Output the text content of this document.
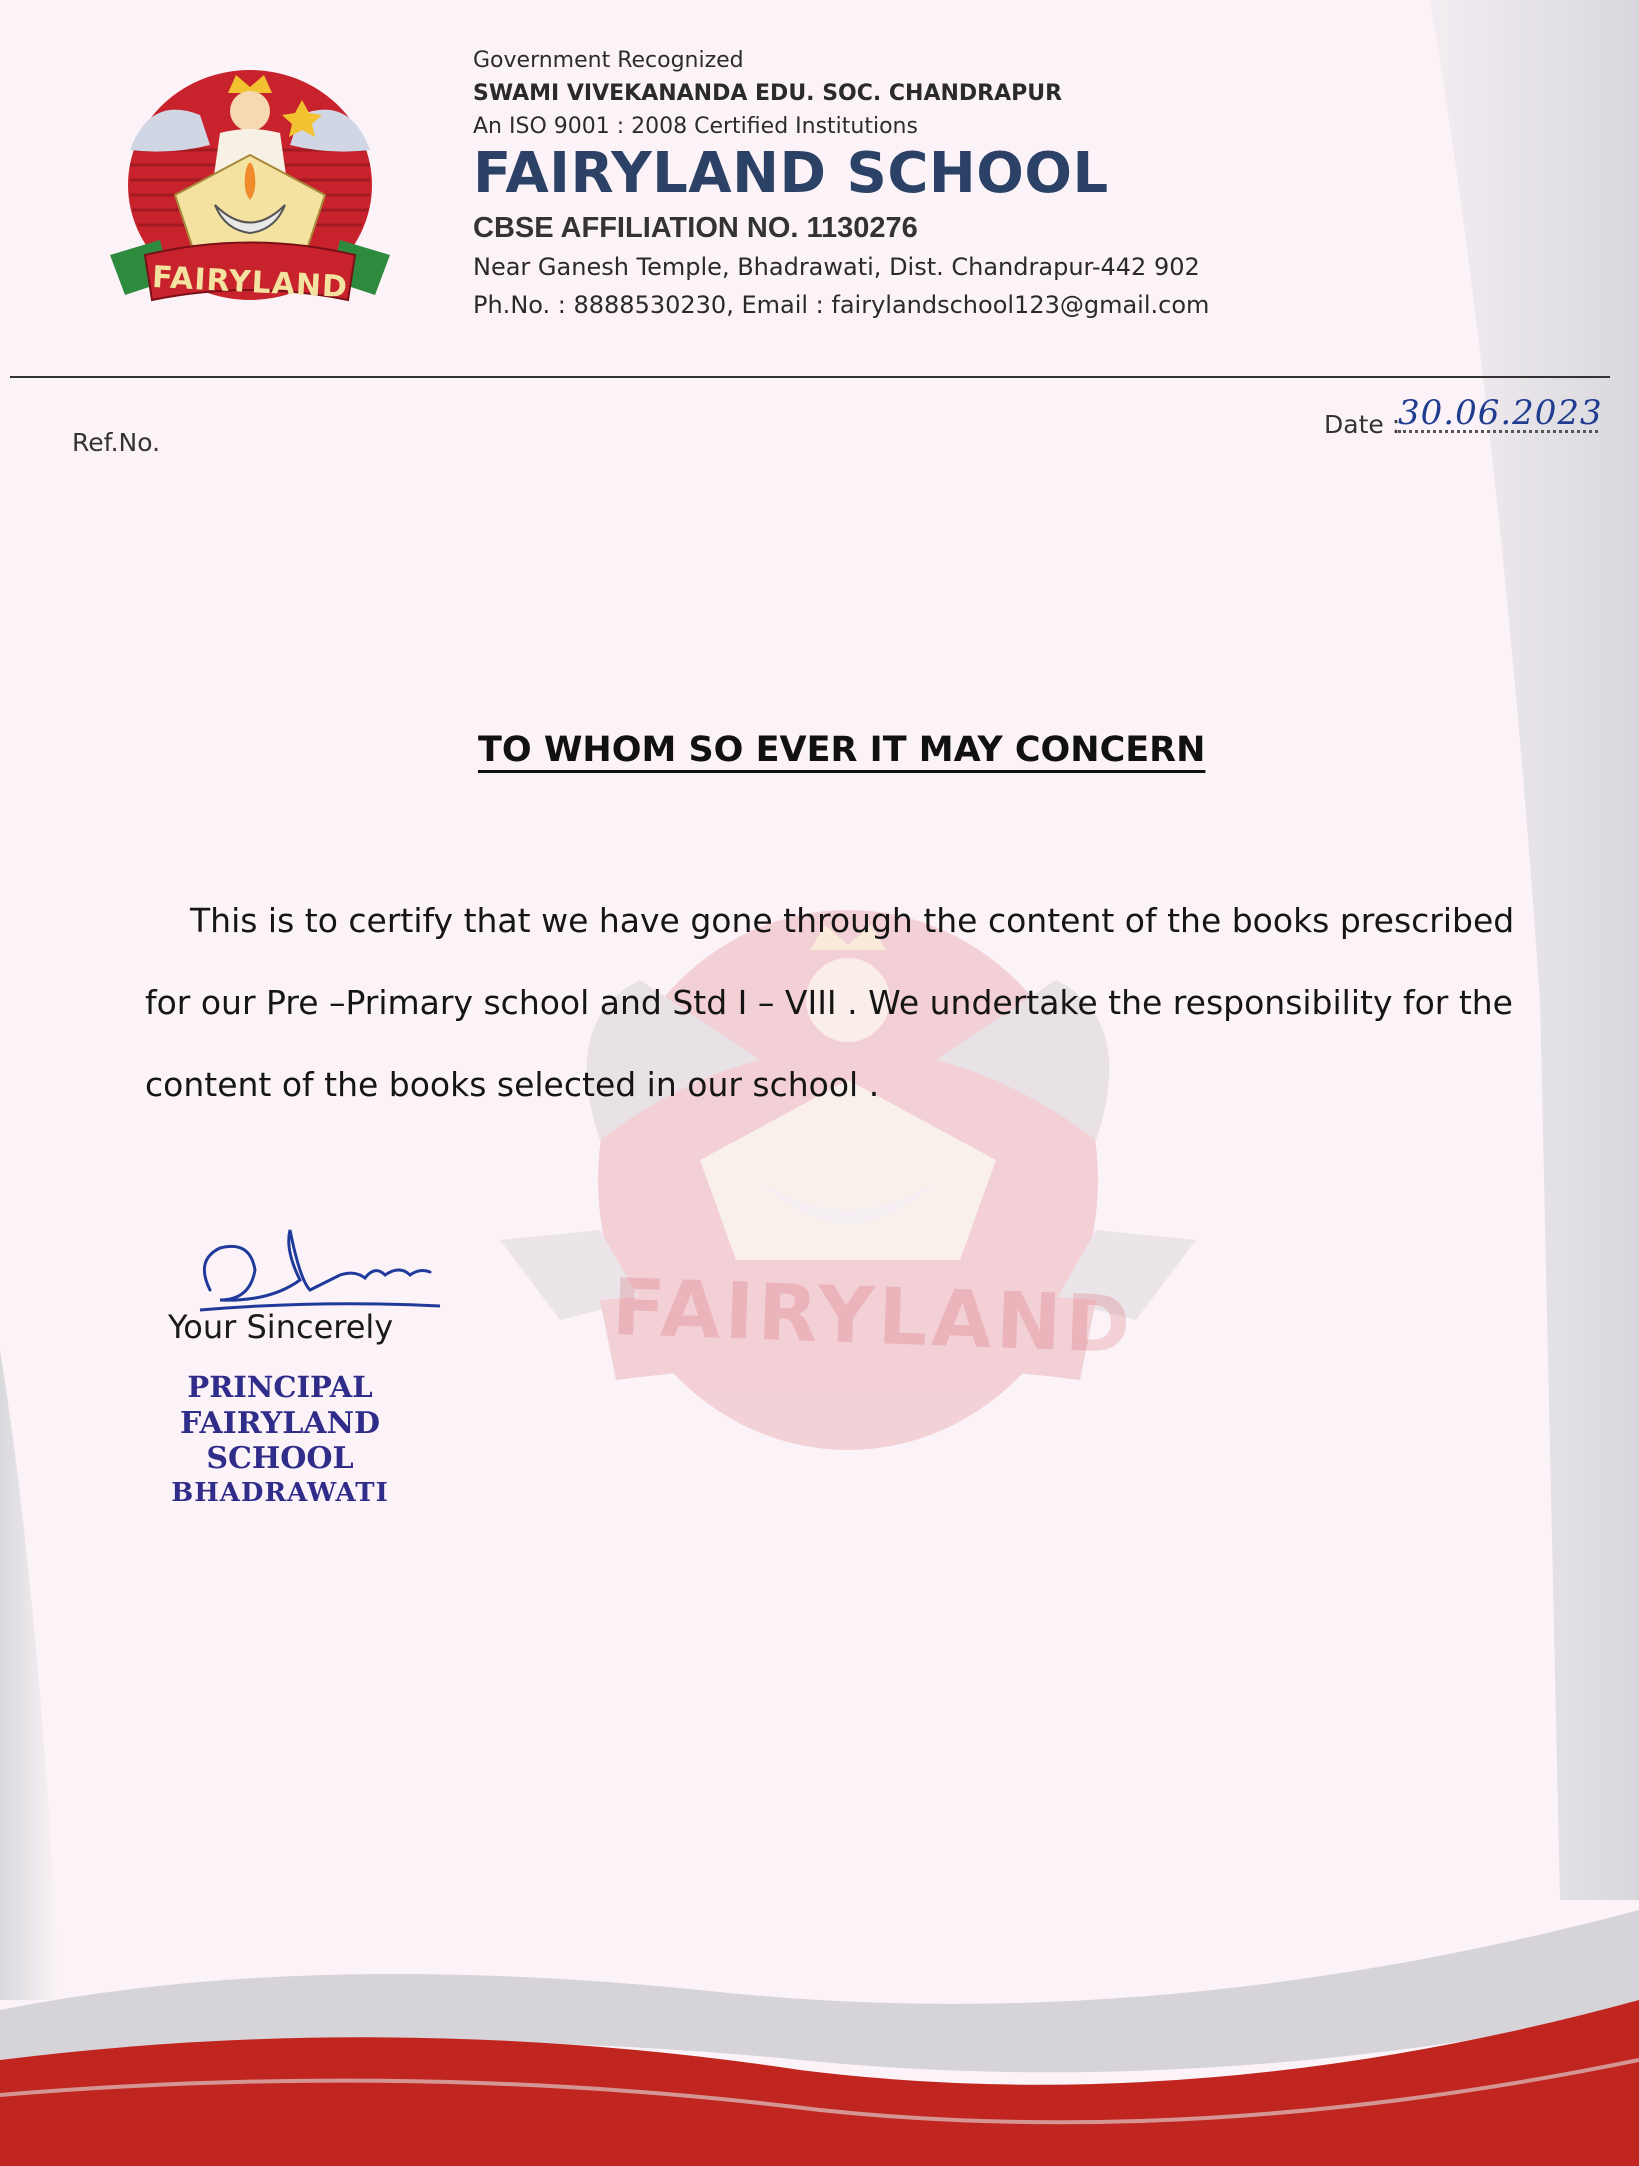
FAIRYLAND
FAIRYLAND
Government Recognized
SWAMI VIVEKANANDA EDU. SOC. CHANDRAPUR
An ISO 9001 : 2008 Certified Institutions
FAIRYLAND SCHOOL
CBSE AFFILIATION NO. 1130276
Near Ganesh Temple, Bhadrawati, Dist. Chandrapur-442 902
Ph.No. : 8888530230, Email : fairylandschool123@gmail.com
Ref.No.
Date :
30.06.2023
TO WHOM SO EVER IT MAY CONCERN
This is to certify that we have gone through the content of the books prescribed
for our Pre –Primary school and Std I – VIII . We undertake the responsibility for the
content of the books selected in our school .
Your Sincerely
PRINCIPAL
FAIRYLAND SCHOOL
BHADRAWATI
